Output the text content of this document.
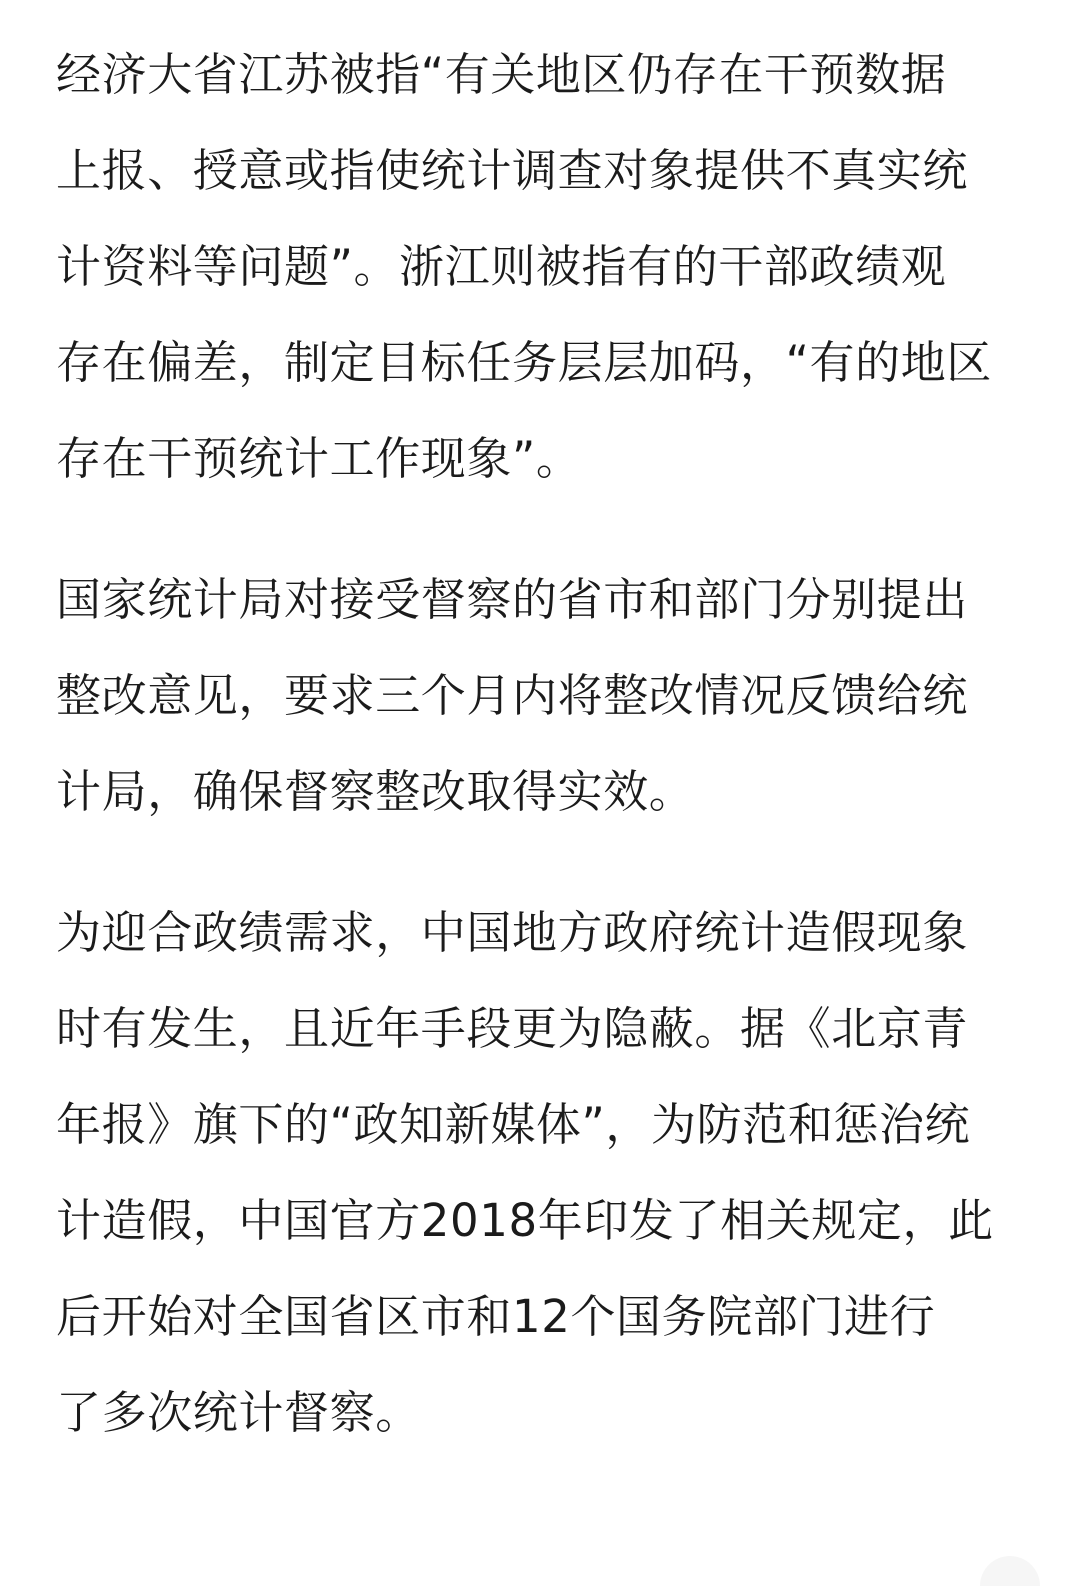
经济大省江苏被指“有关地区仍存在干预数据
上报、授意或指使统计调查对象提供不真实统
计资料等问题”。浙江则被指有的干部政绩观
存在偏差，制定目标任务层层加码，“有的地区
存在干预统计工作现象”。

国家统计局对接受督察的省市和部门分别提出
整改意见，要求三个月内将整改情况反馈给统
计局，确保督察整改取得实效。

为迎合政绩需求，中国地方政府统计造假现象
时有发生，且近年手段更为隐蔽。据《北京青
年报》旗下的“政知新媒体”，为防范和惩治统
计造假，中国官方2018年印发了相关规定，此
后开始对全国省区市和12个国务院部门进行
了多次统计督察。
